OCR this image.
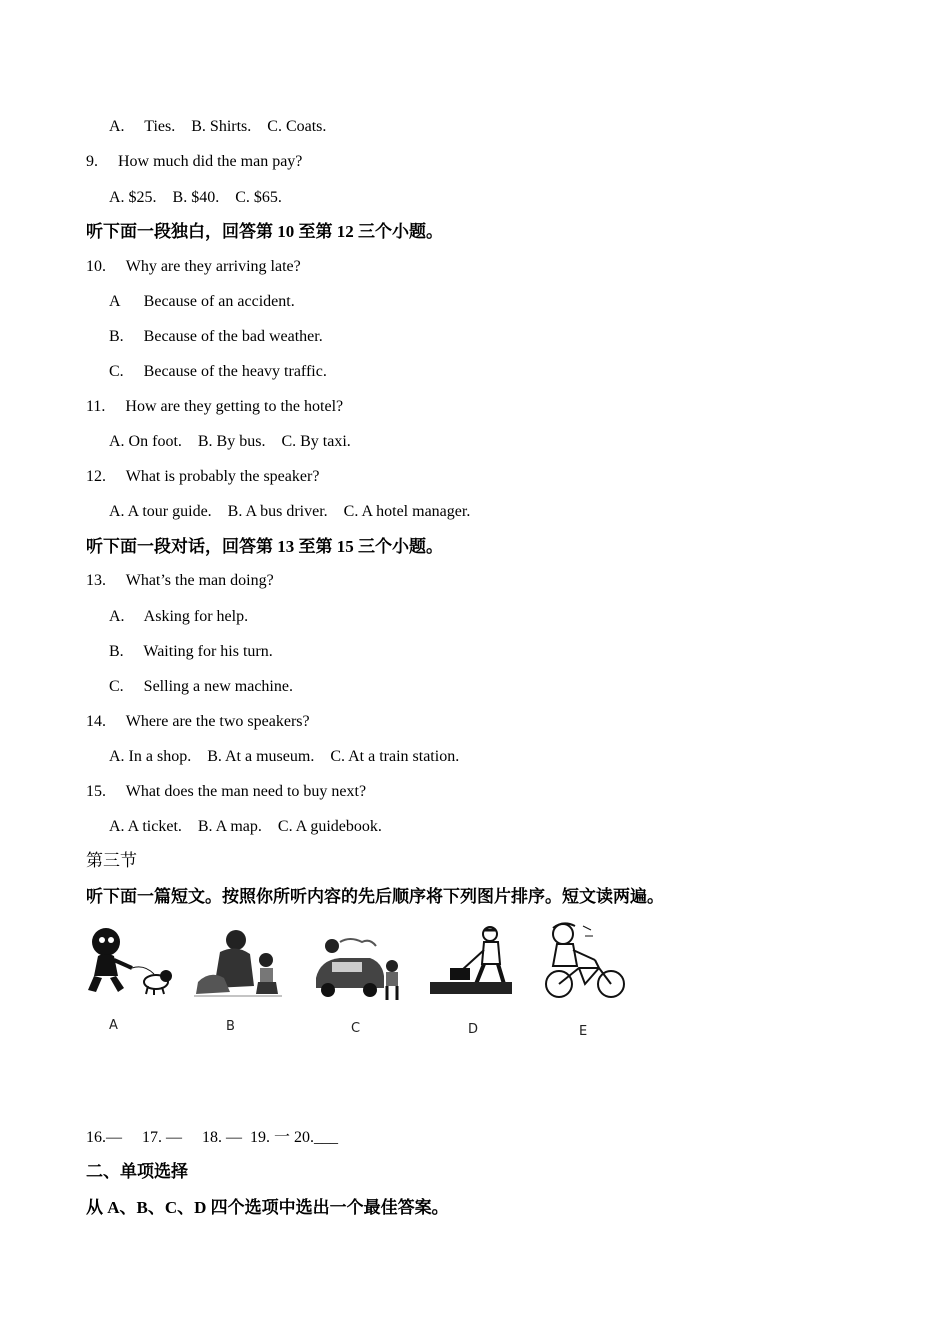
A.     Ties.    B. Shirts.    C. Coats.
9.     How much did the man pay?
A. $25.    B. $40.    C. $65.
听下面一段独白，回答第 10 至第 12 三个小题。
10.     Why are they arriving late?
A      Because of an accident.
B.     Because of the bad weather.
C.     Because of the heavy traffic.
11.     How are they getting to the hotel?
A. On foot.    B. By bus.    C. By taxi.
12.     What is probably the speaker?
A. A tour guide.    B. A bus driver.    C. A hotel manager.
听下面一段对话，回答第 13 至第 15 三个小题。
13.     What’s the man doing?
A.     Asking for help.
B.     Waiting for his turn.
C.     Selling a new machine.
14.     Where are the two speakers?
A. In a shop.    B. At a museum.    C. At a train station.
15.     What does the man need to buy next?
A. A ticket.    B. A map.    C. A guidebook.
第三节
听下面一篇短文。按照你所听内容的先后顺序将下列图片排序。短文读两遍。
A	B	C	D	E
16.—     17. —     18. —  19. 一 20.___
二、单项选择
从 A、B、C、D 四个选项中选出一个最佳答案。
